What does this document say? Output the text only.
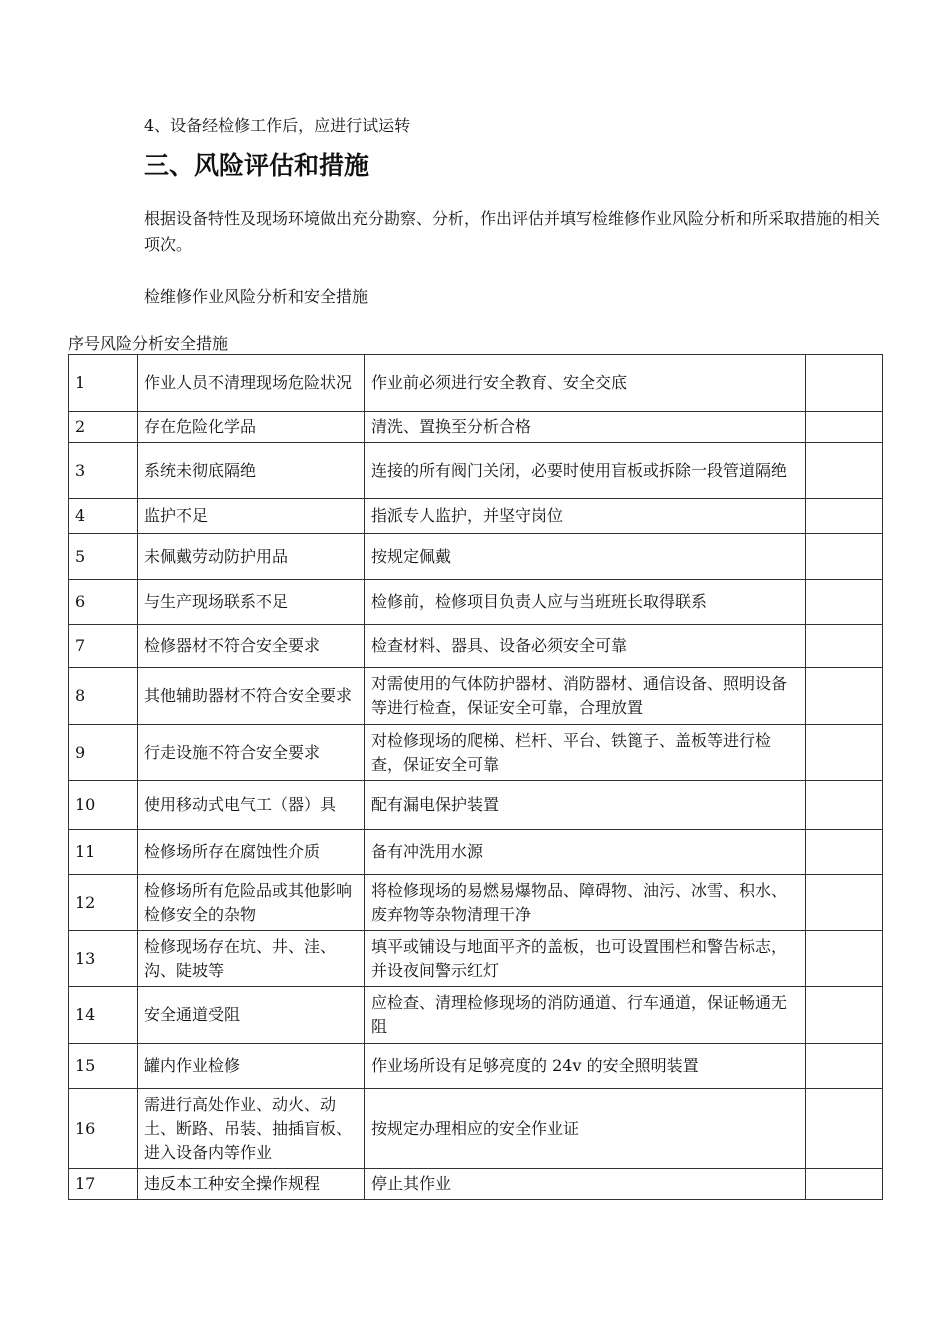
4、设备经检修工作后，应进行试运转
三、风险评估和措施
根据设备特性及现场环境做出充分勘察、分析，作出评估并填写检维修作业风险分析和所采取措施的相关项次。
检维修作业风险分析和安全措施
序号风险分析安全措施
1	作业人员不清理现场危险状况	作业前必须进行安全教育、安全交底	
2	存在危险化学品	清洗、置换至分析合格	
3	系统未彻底隔绝	连接的所有阀门关闭，必要时使用盲板或拆除一段管道隔绝	
4	监护不足	指派专人监护，并坚守岗位	
5	未佩戴劳动防护用品	按规定佩戴	
6	与生产现场联系不足	检修前，检修项目负责人应与当班班长取得联系	
7	检修器材不符合安全要求	检查材料、器具、设备必须安全可靠	
8	其他辅助器材不符合安全要求	对需使用的气体防护器材、消防器材、通信设备、照明设备等进行检查，保证安全可靠，合理放置	
9	行走设施不符合安全要求	对检修现场的爬梯、栏杆、平台、铁篦子、盖板等进行检查，保证安全可靠	
10	使用移动式电气工（器）具	配有漏电保护装置	
11	检修场所存在腐蚀性介质	备有冲洗用水源	
12	检修场所有危险品或其他影响检修安全的杂物	将检修现场的易燃易爆物品、障碍物、油污、冰雪、积水、废弃物等杂物清理干净	
13	检修现场存在坑、井、洼、沟、陡坡等	填平或铺设与地面平齐的盖板，也可设置围栏和警告标志，并设夜间警示红灯	
14	安全通道受阻	应检查、清理检修现场的消防通道、行车通道，保证畅通无阻	
15	罐内作业检修	作业场所设有足够亮度的 24v 的安全照明装置	
16	需进行高处作业、动火、动土、断路、吊装、抽插盲板、进入设备内等作业	按规定办理相应的安全作业证	
17	违反本工种安全操作规程	停止其作业	
